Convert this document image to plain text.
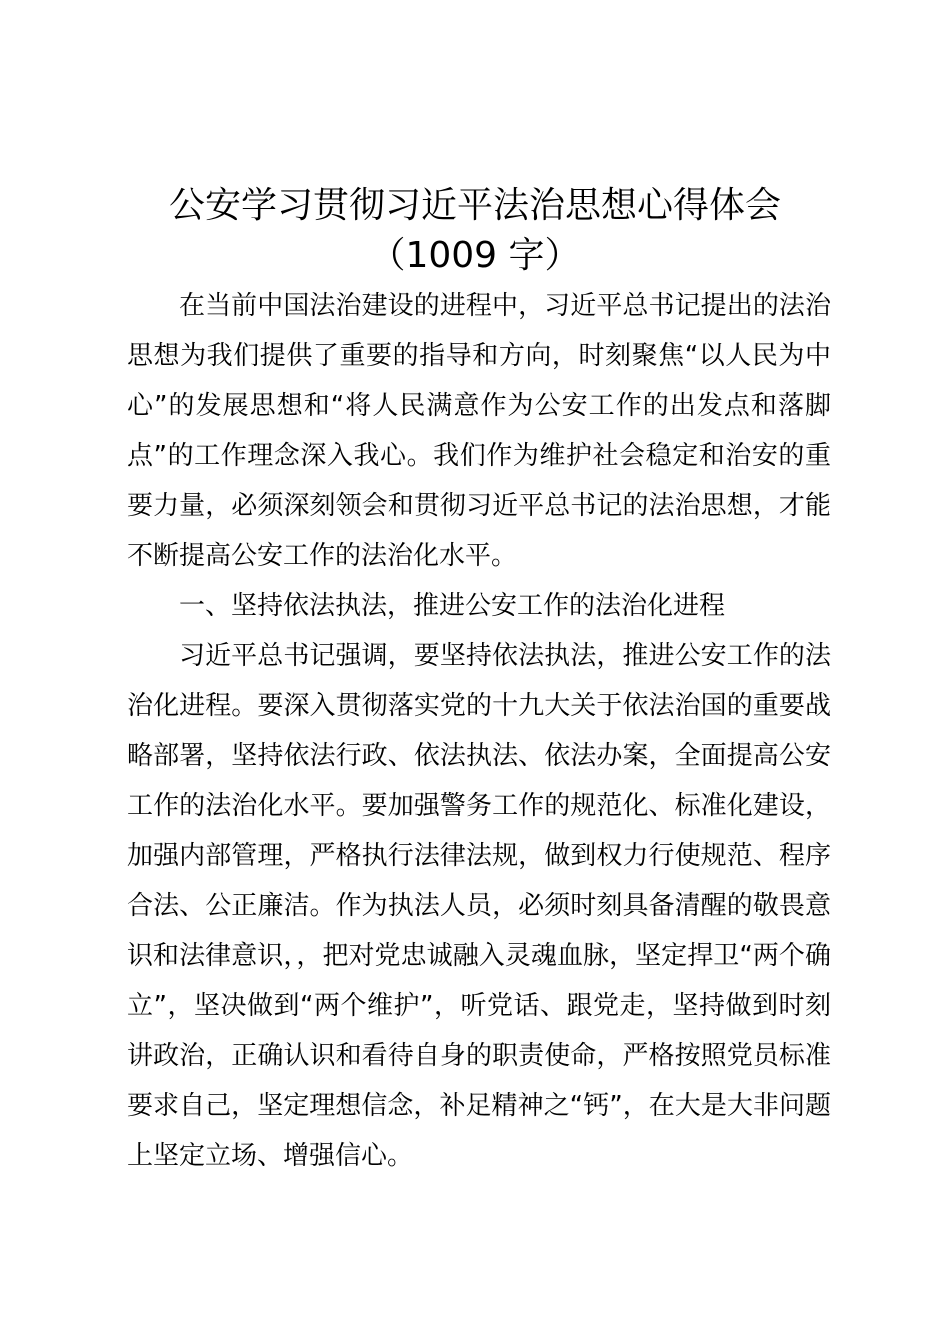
公安学习贯彻习近平法治思想心得体会
（1009 字）

在当前中国法治建设的进程中，习近平总书记提出的法治思想为我们提供了重要的指导和方向，时刻聚焦“以人民为中心”的发展思想和“将人民满意作为公安工作的出发点和落脚点”的工作理念深入我心。我们作为维护社会稳定和治安的重要力量，必须深刻领会和贯彻习近平总书记的法治思想，才能不断提高公安工作的法治化水平。

一、坚持依法执法，推进公安工作的法治化进程

习近平总书记强调，要坚持依法执法，推进公安工作的法治化进程。要深入贯彻落实党的十九大关于依法治国的重要战略部署，坚持依法行政、依法执法、依法办案，全面提高公安工作的法治化水平。要加强警务工作的规范化、标准化建设，加强内部管理，严格执行法律法规，做到权力行使规范、程序合法、公正廉洁。作为执法人员，必须时刻具备清醒的敬畏意识和法律意识，，把对党忠诚融入灵魂血脉，坚定捍卫“两个确立”，坚决做到“两个维护”，听党话、跟党走，坚持做到时刻讲政治，正确认识和看待自身的职责使命，严格按照党员标准要求自己，坚定理想信念，补足精神之“钙”，在大是大非问题上坚定立场、增强信心。
